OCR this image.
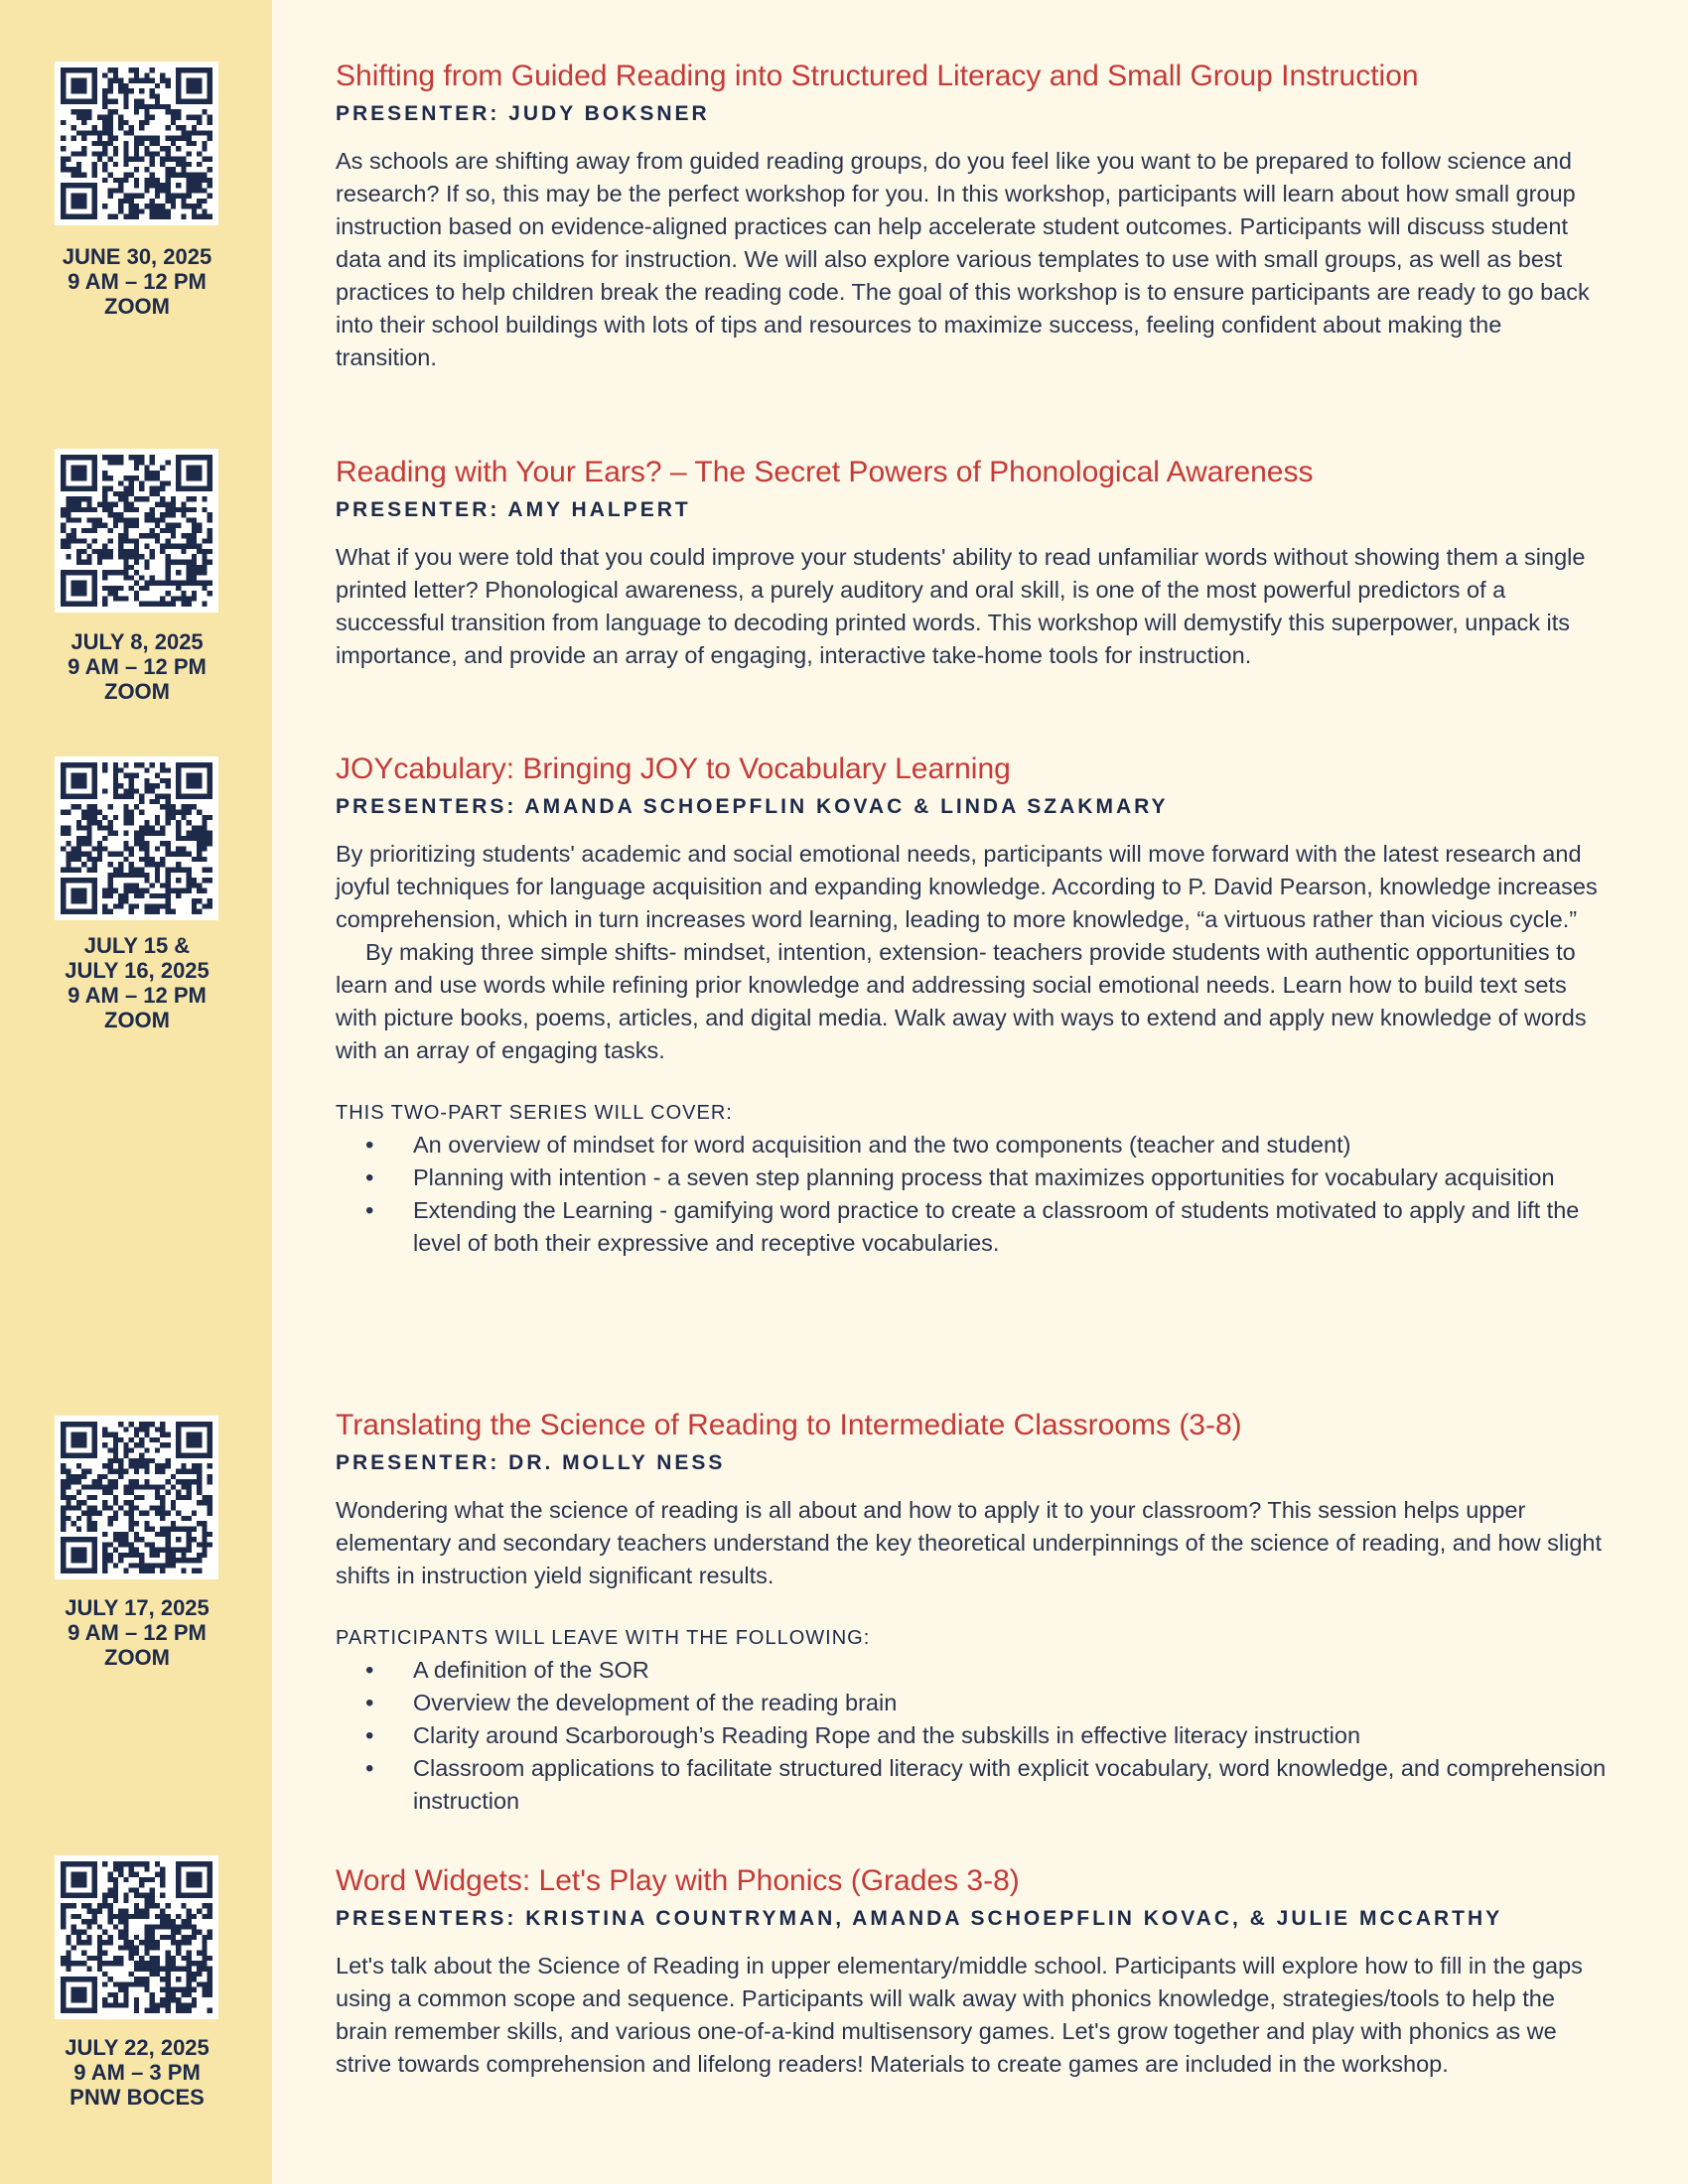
JUNE 30, 2025
9 AM – 12 PM
ZOOM
Shifting from Guided Reading into Structured Literacy and Small Group Instruction
PRESENTER: JUDY BOKSNER

As schools are shifting away from guided reading groups, do you feel like you want to be prepared to follow science and research? If so, this may be the perfect workshop for you. In this workshop, participants will learn about how small group instruction based on evidence-aligned practices can help accelerate student outcomes. Participants will discuss student data and its implications for instruction. We will also explore various templates to use with small groups, as well as best practices to help children break the reading code. The goal of this workshop is to ensure participants are ready to go back into their school buildings with lots of tips and resources to maximize success, feeling confident about making the transition.

JULY 8, 2025
9 AM – 12 PM
ZOOM
Reading with Your Ears? – The Secret Powers of Phonological Awareness
PRESENTER: AMY HALPERT

What if you were told that you could improve your students' ability to read unfamiliar words without showing them a single printed letter? Phonological awareness, a purely auditory and oral skill, is one of the most powerful predictors of a successful transition from language to decoding printed words. This workshop will demystify this superpower, unpack its importance, and provide an array of engaging, interactive take-home tools for instruction.

JULY 15 &
JULY 16, 2025
9 AM – 12 PM
ZOOM
JOYcabulary: Bringing JOY to Vocabulary Learning
PRESENTERS: AMANDA SCHOEPFLIN KOVAC & LINDA SZAKMARY

By prioritizing students' academic and social emotional needs, participants will move forward with the latest research and joyful techniques for language acquisition and expanding knowledge. According to P. David Pearson, knowledge increases comprehension, which in turn increases word learning, leading to more knowledge, “a virtuous rather than vicious cycle.”

By making three simple shifts- mindset, intention, extension- teachers provide students with authentic opportunities to learn and use words while refining prior knowledge and addressing social emotional needs. Learn how to build text sets with picture books, poems, articles, and digital media. Walk away with ways to extend and apply new knowledge of words with an array of engaging tasks.

THIS TWO-PART SERIES WILL COVER:
• An overview of mindset for word acquisition and the two components (teacher and student)
• Planning with intention - a seven step planning process that maximizes opportunities for vocabulary acquisition
• Extending the Learning - gamifying word practice to create a classroom of students motivated to apply and lift the level of both their expressive and receptive vocabularies.
JULY 17, 2025
9 AM – 12 PM
ZOOM
Translating the Science of Reading to Intermediate Classrooms (3-8)
PRESENTER: DR. MOLLY NESS

Wondering what the science of reading is all about and how to apply it to your classroom? This session helps upper elementary and secondary teachers understand the key theoretical underpinnings of the science of reading, and how slight shifts in instruction yield significant results.

PARTICIPANTS WILL LEAVE WITH THE FOLLOWING:
• A definition of the SOR
• Overview the development of the reading brain
• Clarity around Scarborough’s Reading Rope and the subskills in effective literacy instruction
• Classroom applications to facilitate structured literacy with explicit vocabulary, word knowledge, and comprehension instruction
JULY 22, 2025
9 AM – 3 PM
PNW BOCES
Word Widgets: Let's Play with Phonics (Grades 3-8)
PRESENTERS: KRISTINA COUNTRYMAN, AMANDA SCHOEPFLIN KOVAC, & JULIE MCCARTHY

Let's talk about the Science of Reading in upper elementary/middle school. Participants will explore how to fill in the gaps using a common scope and sequence. Participants will walk away with phonics knowledge, strategies/tools to help the brain remember skills, and various one-of-a-kind multisensory games. Let's grow together and play with phonics as we strive towards comprehension and lifelong readers! Materials to create games are included in the workshop.
